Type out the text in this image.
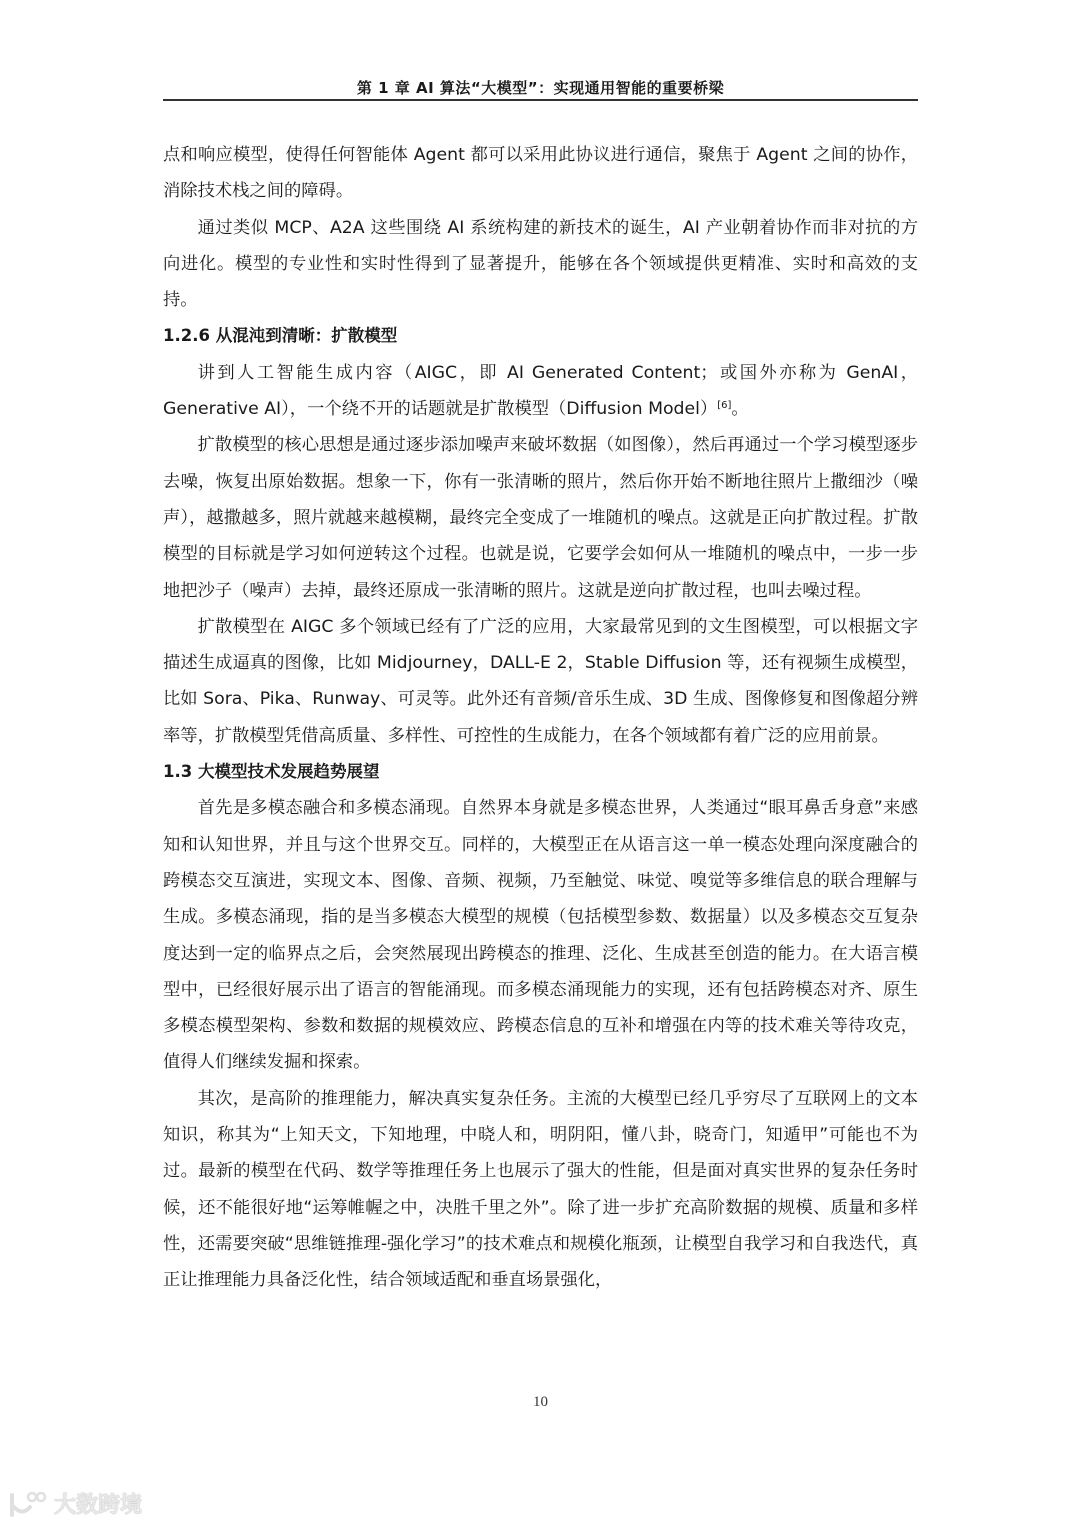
第 1 章 AI 算法“大模型”：实现通用智能的重要桥梁

点和响应模型，使得任何智能体 Agent 都可以采用此协议进行通信，聚焦于 Agent 之间的协作，消除技术栈之间的障碍。

通过类似 MCP、A2A 这些围绕 AI 系统构建的新技术的诞生，AI 产业朝着协作而非对抗的方向进化。模型的专业性和实时性得到了显著提升，能够在各个领域提供更精准、实时和高效的支持。

1.2.6 从混沌到清晰：扩散模型

讲到人工智能生成内容（AIGC，即 AI Generated Content；或国外亦称为 GenAI，Generative AI），一个绕不开的话题就是扩散模型（Diffusion Model）[6]。

扩散模型的核心思想是通过逐步添加噪声来破坏数据（如图像），然后再通过一个学习模型逐步去噪，恢复出原始数据。想象一下，你有一张清晰的照片，然后你开始不断地往照片上撒细沙（噪声），越撒越多，照片就越来越模糊，最终完全变成了一堆随机的噪点。这就是正向扩散过程。扩散模型的目标就是学习如何逆转这个过程。也就是说，它要学会如何从一堆随机的噪点中，一步一步地把沙子（噪声）去掉，最终还原成一张清晰的照片。这就是逆向扩散过程，也叫去噪过程。

扩散模型在 AIGC 多个领域已经有了广泛的应用，大家最常见到的文生图模型，可以根据文字描述生成逼真的图像，比如 Midjourney，DALL-E 2，Stable Diffusion 等，还有视频生成模型，比如 Sora、Pika、Runway、可灵等。此外还有音频/音乐生成、3D 生成、图像修复和图像超分辨率等，扩散模型凭借高质量、多样性、可控性的生成能力，在各个领域都有着广泛的应用前景。

1.3 大模型技术发展趋势展望

首先是多模态融合和多模态涌现。自然界本身就是多模态世界，人类通过“眼耳鼻舌身意”来感知和认知世界，并且与这个世界交互。同样的，大模型正在从语言这一单一模态处理向深度融合的跨模态交互演进，实现文本、图像、音频、视频，乃至触觉、味觉、嗅觉等多维信息的联合理解与生成。多模态涌现，指的是当多模态大模型的规模（包括模型参数、数据量）以及多模态交互复杂度达到一定的临界点之后，会突然展现出跨模态的推理、泛化、生成甚至创造的能力。在大语言模型中，已经很好展示出了语言的智能涌现。而多模态涌现能力的实现，还有包括跨模态对齐、原生多模态模型架构、参数和数据的规模效应、跨模态信息的互补和增强在内等的技术难关等待攻克，值得人们继续发掘和探索。

其次，是高阶的推理能力，解决真实复杂任务。主流的大模型已经几乎穷尽了互联网上的文本知识，称其为“上知天文，下知地理，中晓人和，明阴阳，懂八卦，晓奇门，知遁甲”可能也不为过。最新的模型在代码、数学等推理任务上也展示了强大的性能，但是面对真实世界的复杂任务时候，还不能很好地“运筹帷幄之中，决胜千里之外”。除了进一步扩充高阶数据的规模、质量和多样性，还需要突破“思维链推理-强化学习”的技术难点和规模化瓶颈，让模型自我学习和自我迭代，真正让推理能力具备泛化性，结合领域适配和垂直场景强化，

10
大数跨境
